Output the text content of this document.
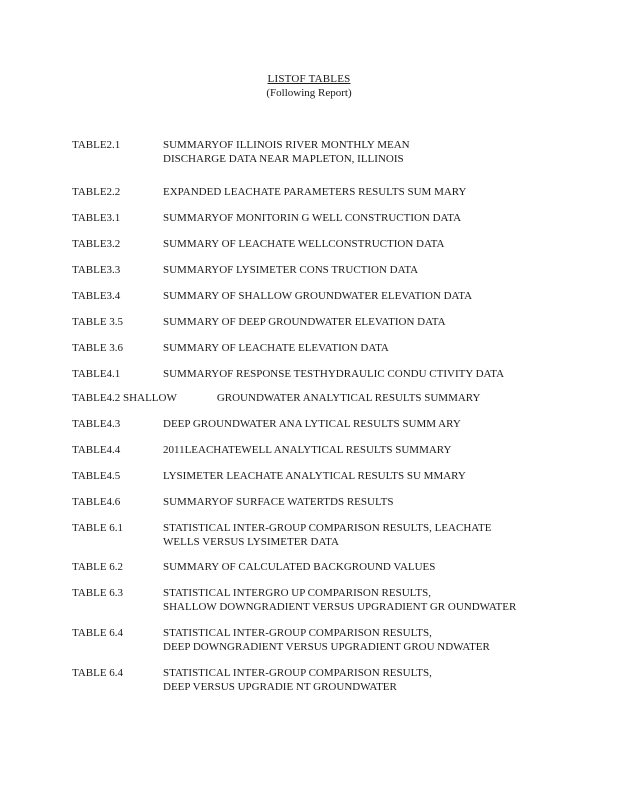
LISTOF TABLES
(Following Report)
TABLE2.1	SUMMARYOF ILLINOIS RIVER MONTHLY MEAN
DISCHARGE DATA NEAR MAPLETON, ILLINOIS
TABLE2.2	EXPANDED LEACHATE PARAMETERS RESULTS SUM MARY
TABLE3.1	SUMMARYOF MONITORIN G WELL CONSTRUCTION DATA
TABLE3.2	SUMMARY OF LEACHATE WELLCONSTRUCTION DATA
TABLE3.3	SUMMARYOF LYSIMETER CONS TRUCTION DATA
TABLE3.4	SUMMARY OF SHALLOW GROUNDWATER ELEVATION DATA
TABLE 3.5	SUMMARY OF DEEP GROUNDWATER ELEVATION DATA
TABLE 3.6	SUMMARY OF LEACHATE ELEVATION DATA
TABLE4.1	SUMMARYOF RESPONSE TESTHYDRAULIC CONDU CTIVITY DATA
TABLE4.2 SHALLOW	GROUNDWATER ANALYTICAL RESULTS SUMMARY
TABLE4.3	DEEP GROUNDWATER ANA LYTICAL RESULTS SUMM ARY
TABLE4.4	2011LEACHATEWELL ANALYTICAL RESULTS SUMMARY
TABLE4.5	LYSIMETER LEACHATE ANALYTICAL RESULTS SU MMARY
TABLE4.6	SUMMARYOF SURFACE WATERTDS RESULTS
TABLE 6.1	STATISTICAL INTER-GROUP COMPARISON RESULTS, LEACHATE
WELLS VERSUS LYSIMETER DATA
TABLE 6.2	SUMMARY OF CALCULATED BACKGROUND VALUES
TABLE 6.3	STATISTICAL INTERGRO UP COMPARISON RESULTS,
SHALLOW DOWNGRADIENT VERSUS UPGRADIENT GR OUNDWATER
TABLE 6.4	STATISTICAL INTER-GROUP COMPARISON RESULTS,
DEEP DOWNGRADIENT VERSUS UPGRADIENT GROU NDWATER
TABLE 6.4	STATISTICAL INTER-GROUP COMPARISON RESULTS,
DEEP VERSUS UPGRADIE NT GROUNDWATER
